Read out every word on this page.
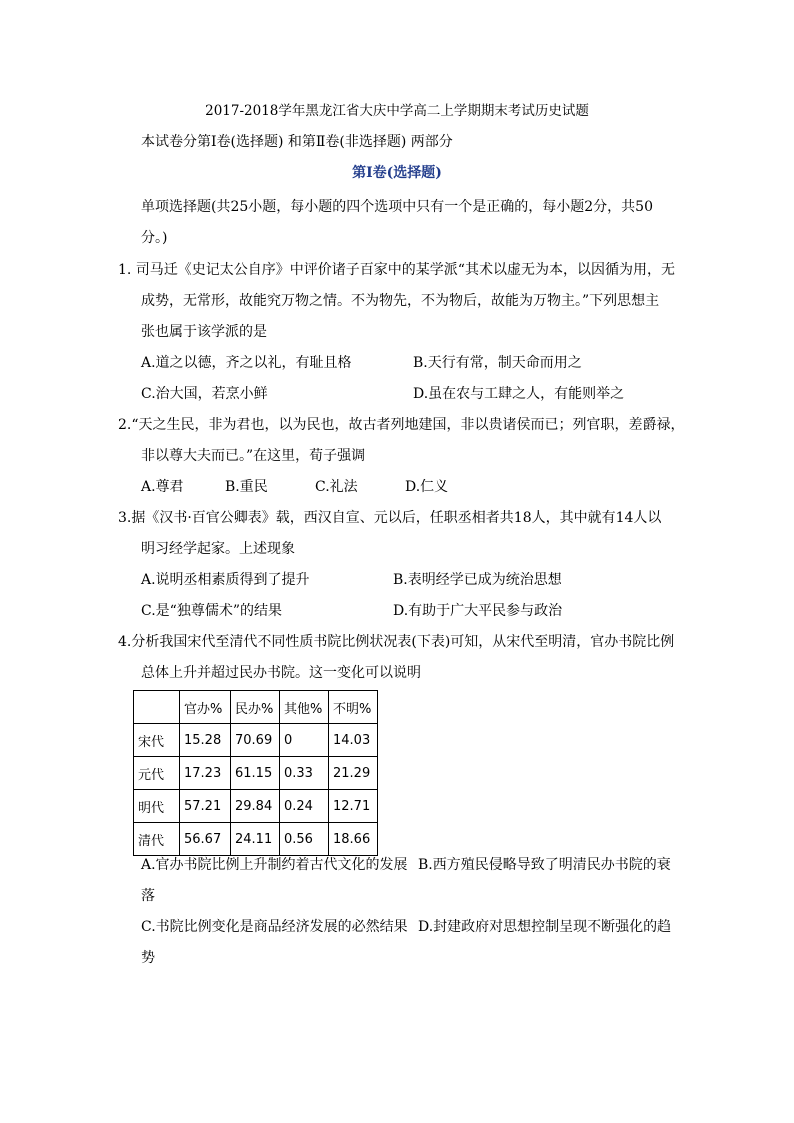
2017-2018学年黑龙江省大庆中学高二上学期期末考试历史试题
本试卷分第Ⅰ卷(选择题) 和第Ⅱ卷(非选择题) 两部分
第Ⅰ卷(选择题)
单项选择题(共25小题，每小题的四个选项中只有一个是正确的，每小题2分，共50
分。)
1. 司马迁《史记太公自序》中评价诸子百家中的某学派“其术以虚无为本，以因循为用，无
成势，无常形，故能究万物之情。不为物先，不为物后，故能为万物主。”下列思想主
张也属于该学派的是
A.道之以德，齐之以礼，有耻且格	B.天行有常，制天命而用之
C.治大国，若烹小鲜	D.虽在农与工肆之人，有能则举之
2.“天之生民，非为君也，以为民也，故古者列地建国，非以贵诸侯而已；列官职，差爵禄，
非以尊大夫而已。”在这里，荀子强调
A.尊君	B.重民	C.礼法	D.仁义
3.据《汉书·百官公卿表》载，西汉自宣、元以后，任职丞相者共18人，其中就有14人以
明习经学起家。上述现象
A.说明丞相素质得到了提升	B.表明经学已成为统治思想
C.是“独尊儒术”的结果	D.有助于广大平民参与政治
4.分析我国宋代至清代不同性质书院比例状况表(下表)可知，从宋代至明清，官办书院比例
总体上升并超过民办书院。这一变化可以说明
	官办%	民办%	其他%	不明%
宋代	15.28	70.69	0	14.03
元代	17.23	61.15	0.33	21.29
明代	57.21	29.84	0.24	12.71
清代	56.67	24.11	0.56	18.66
A.官办书院比例上升制约着古代文化的发展 B.西方殖民侵略导致了明清民办书院的衰
落
C.书院比例变化是商品经济发展的必然结果 D.封建政府对思想控制呈现不断强化的趋
势
